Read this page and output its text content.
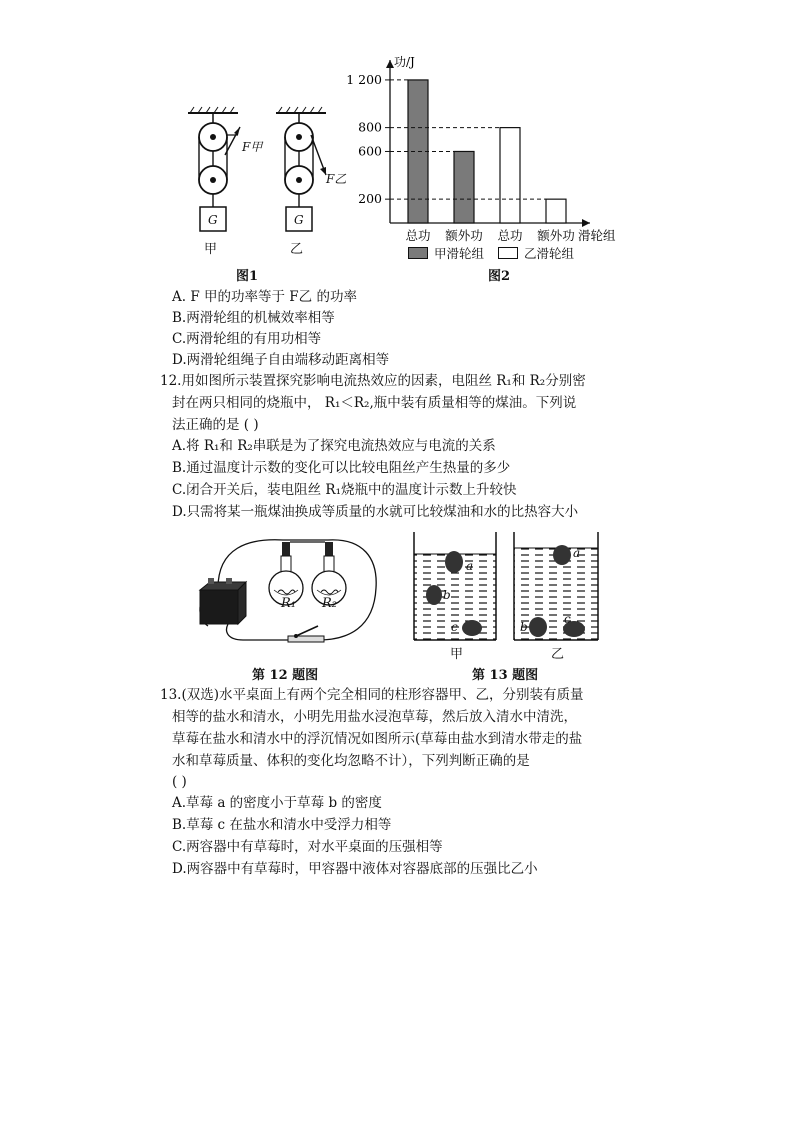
F甲
F乙
G	G
甲	乙
图1
功/J
滑轮组
总功 额外功 总功 额外功
1 200
800
600
200
甲滑轮组	乙滑轮组
图2
A. F 甲的功率等于 F乙 的功率
B.两滑轮组的机械效率相等
C.两滑轮组的有用功相等
D.两滑轮组绳子自由端移动距离相等
12.用如图所示装置探究影响电流热效应的因素，电阻丝 R₁和 R₂分别密
封在两只相同的烧瓶中， R₁＜R₂,瓶中装有质量相等的煤油。下列说
法正确的是 ( )
A.将 R₁和 R₂串联是为了探究电流热效应与电流的关系
B.通过温度计示数的变化可以比较电阻丝产生热量的多少
C.闭合开关后，装电阻丝 R₁烧瓶中的温度计示数上升较快
D.只需将某一瓶煤油换成等质量的水就可比较煤油和水的比热容大小
R₁ R₂
第 12 题图
a
b
c
a
b
c
甲	乙
第 13 题图
13.(双选)水平桌面上有两个完全相同的柱形容器甲、乙，分别装有质量
相等的盐水和清水，小明先用盐水浸泡草莓，然后放入清水中清洗，
草莓在盐水和清水中的浮沉情况如图所示(草莓由盐水到清水带走的盐
水和草莓质量、体积的变化均忽略不计），下列判断正确的是
( )
A.草莓 a 的密度小于草莓 b 的密度
B.草莓 c 在盐水和清水中受浮力相等
C.两容器中有草莓时，对水平桌面的压强相等
D.两容器中有草莓时，甲容器中液体对容器底部的压强比乙小
